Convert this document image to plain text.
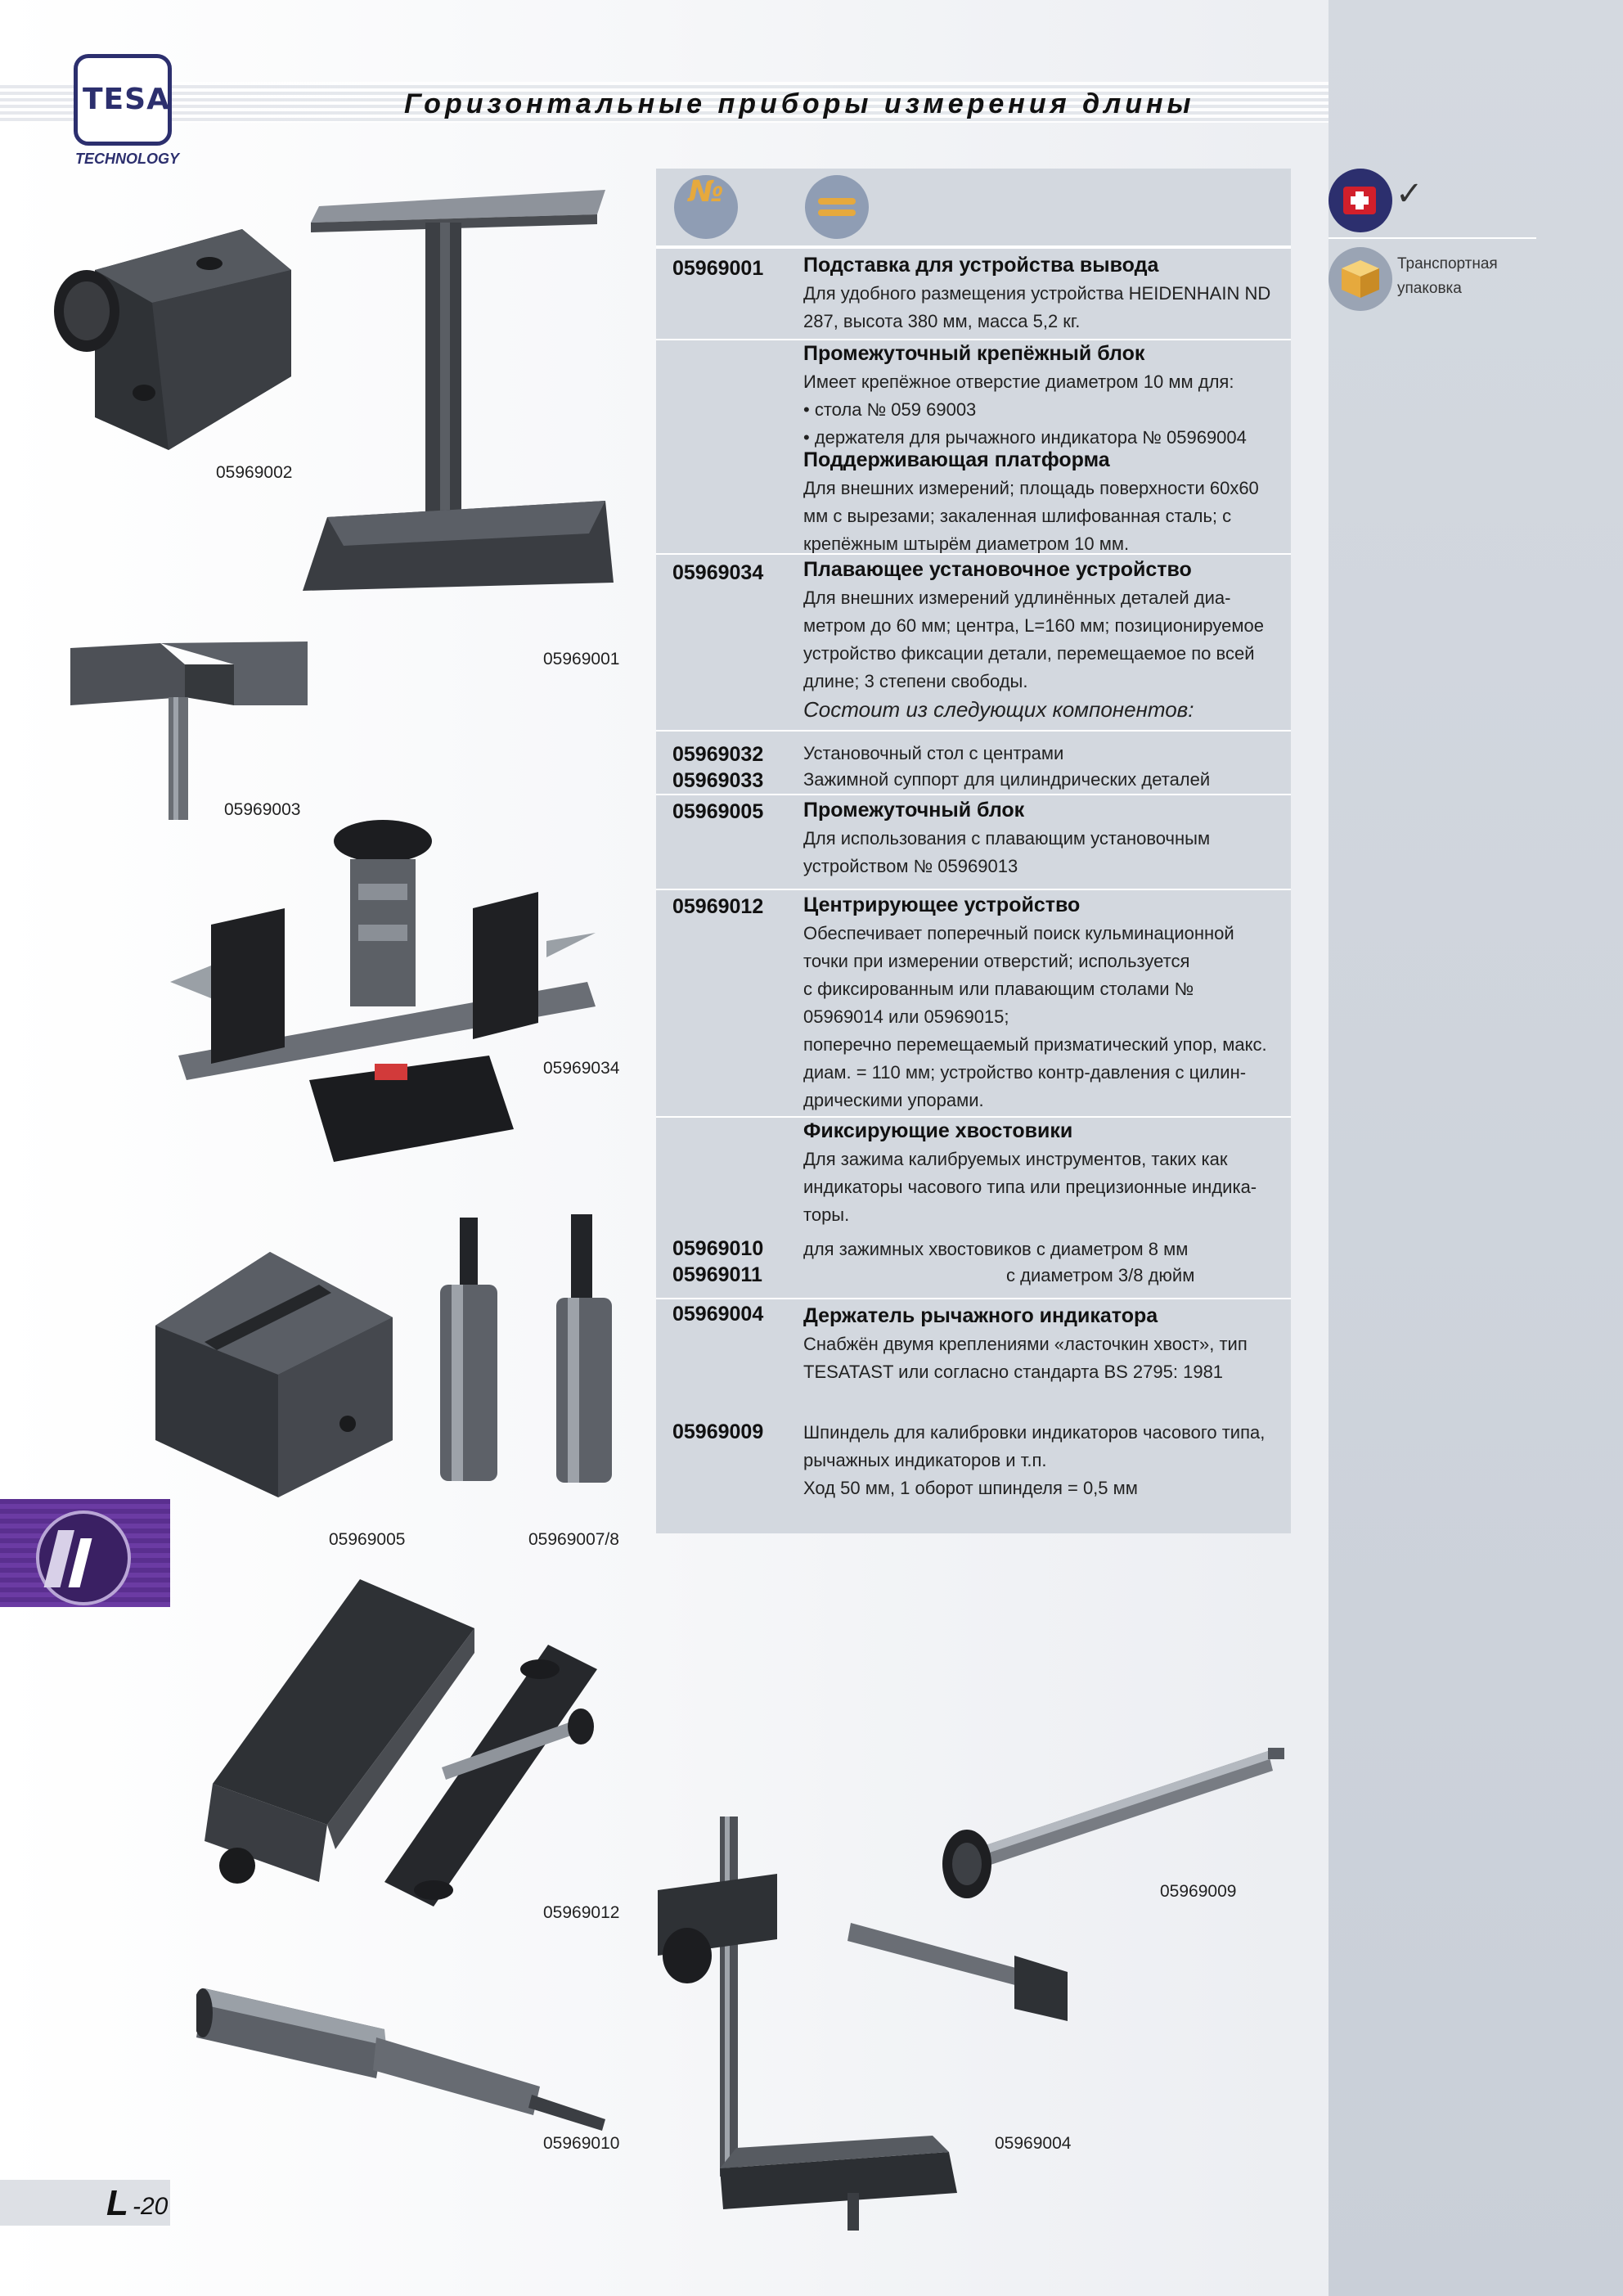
TESA
TECHNOLOGY
Горизонтальные приборы измерения длины
05969002
05969001
05969003
05969034
05969005	05969007/8
05969012
05969010	05969004
05969009
№
05969001 Подставка для устройства вывода
Для удобного размещения устройства HEIDENHAIN ND
287, высота 380 мм, масса 5,2 кг.
Промежуточный крепёжный блок
Имеет крепёжное отверстие диаметром 10 мм для:
• стола № 059 69003
• держателя для рычажного индикатора № 05969004
Поддерживающая платформа
Для внешних измерений; площадь поверхности 60x60
мм с вырезами; закаленная шлифованная сталь; с
крепёжным штырём диаметром 10 мм.
05969034 Плавающее установочное устройство
Для внешних измерений удлинённых деталей диа-
метром до 60 мм; центра, L=160 мм; позиционируемое
устройство фиксации детали, перемещаемое по всей
длине; 3 степени свободы.
Состоит из следующих компонентов:
05969032 Установочный стол с центрами
05969033 Зажимной суппорт для цилиндрических деталей
05969005 Промежуточный блок
Для использования с плавающим установочным
устройством № 05969013
05969012 Центрирующее устройство
Обеспечивает поперечный поиск кульминационной
точки при измерении отверстий; используется
с фиксированным или плавающим столами №
05969014 или 05969015;
поперечно перемещаемый призматический упор, макс.
диам. = 110 мм; устройство контр-давления с цилин-
дрическими упорами.
Фиксирующие хвостовики
Для зажима калибруемых инструментов, таких как
индикаторы часового типа или прецизионные индика-
торы.
05969010 для зажимных хвостовиков с диаметром 8 мм
05969011	с диаметром 3/8 дюйм
05969004 Держатель рычажного индикатора
Снабжён двумя креплениями «ласточкин хвост», тип
TESATAST или согласно стандарта BS 2795: 1981
05969009 Шпиндель для калибровки индикаторов часового типа,
рычажных индикаторов и т.п.
Ход 50 мм, 1 оборот шпинделя = 0,5 мм
✓
Транспортная
упаковка
L -20
